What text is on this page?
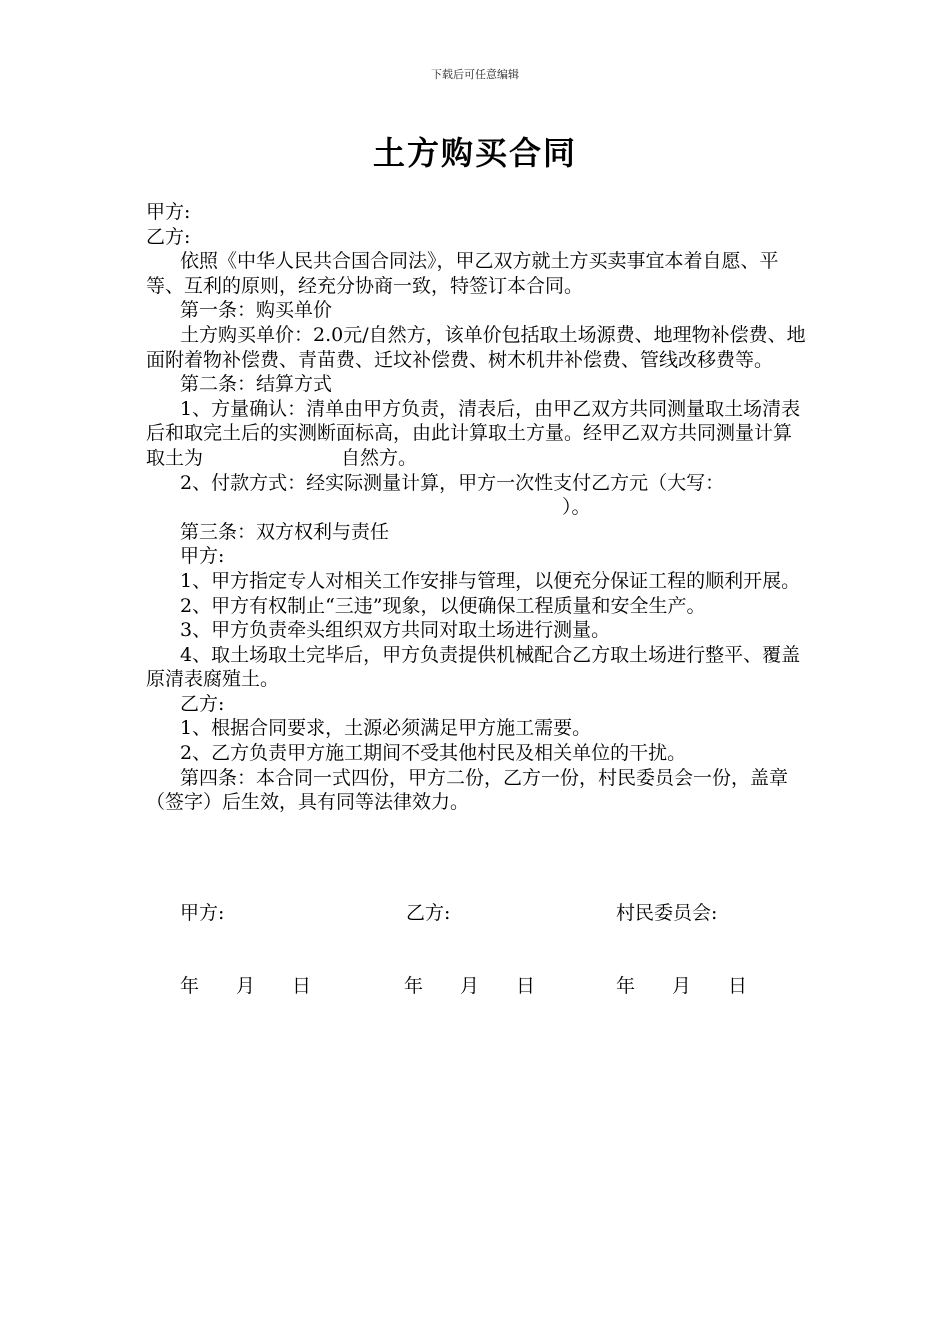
下载后可任意编辑
土方购买合同

甲方:

乙方:

依照《中华人民共合国合同法》，甲乙双方就土方买卖事宜本着自愿、平等、互利的原则，经充分协商一致，特签订本合同。

第一条：购买单价

土方购买单价：2.0元/自然方，该单价包括取土场源费、地理物补偿费、地面附着物补偿费、青苗费、迁坟补偿费、树木机井补偿费、管线改移费等。

第二条：结算方式

1、方量确认：清单由甲方负责，清表后，由甲乙双方共同测量取土场清表后和取完土后的实测断面标高，由此计算取土方量。经甲乙双方共同测量计算取土为	自然方。

2、付款方式：经实际测量计算，甲方一次性支付乙方元（大写：）。

第三条：双方权利与责任

甲方:

1、甲方指定专人对相关工作安排与管理，以便充分保证工程的顺利开展。

2、甲方有权制止“三违”现象，以便确保工程质量和安全生产。

3、甲方负责牵头组织双方共同对取土场进行测量。

4、取土场取土完毕后，甲方负责提供机械配合乙方取土场进行整平、覆盖原清表腐殖土。

乙方:

1、根据合同要求，土源必须满足甲方施工需要。

2、乙方负责甲方施工期间不受其他村民及相关单位的干扰。

第四条：本合同一式四份，甲方二份，乙方一份，村民委员会一份，盖章（签字）后生效，具有同等法律效力。

甲方:	乙方:	村民委员会:
年 月 日	年 月 日	年 月 日
